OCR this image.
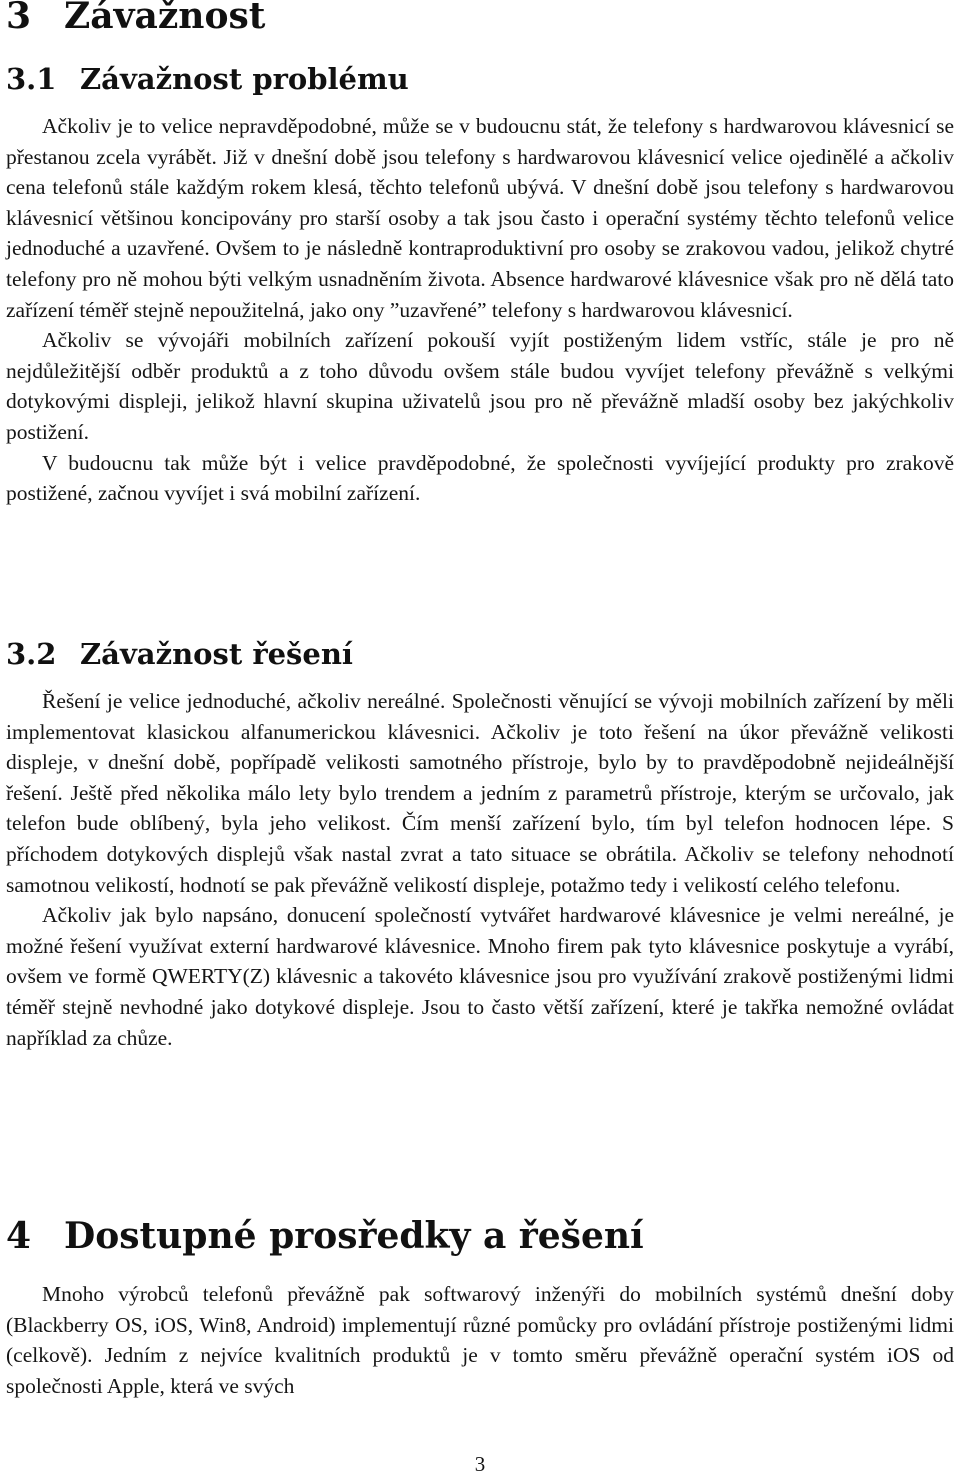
3 Závažnost
3.1 Závažnost problému

Ačkoliv je to velice nepravděpodobné, může se v budoucnu stát, že telefony s hardwarovou klávesnicí se přestanou zcela vyrábět. Již v dnešní době jsou telefony s hardwarovou klávesnicí velice ojedinělé a ačkoliv cena telefonů stále každým rokem klesá, těchto telefonů ubývá. V dnešní době jsou telefony s hardwarovou klávesnicí většinou koncipovány pro starší osoby a tak jsou často i operační systémy těchto telefonů velice jednoduché a uzavřené. Ovšem to je následně kontraproduktivní pro osoby se zrakovou vadou, jelikož chytré telefony pro ně mohou býti velkým usnadněním života. Absence hardwarové klávesnice však pro ně dělá tato zařízení téměř stejně nepoužitelná, jako ony ”uzavřené” telefony s hardwarovou klávesnicí.

Ačkoliv se vývojáři mobilních zařízení pokouší vyjít postiženým lidem vstříc, stále je pro ně nejdůležitější odběr produktů a z toho důvodu ovšem stále budou vyvíjet telefony převážně s velkými dotykovými displeji, jelikož hlavní skupina uživatelů jsou pro ně převážně mladší osoby bez jakýchkoliv postižení.

V budoucnu tak může být i velice pravděpodobné, že společnosti vyvíjející produkty pro zrakově postižené, začnou vyvíjet i svá mobilní zařízení.

3.2 Závažnost řešení

Řešení je velice jednoduché, ačkoliv nereálné. Společnosti věnující se vývoji mobilních zařízení by měli implementovat klasickou alfanumerickou klávesnici. Ačkoliv je toto řešení na úkor převážně velikosti displeje, v dnešní době, popřípadě velikosti samotného přístroje, bylo by to pravděpodobně nejideálnější řešení. Ještě před několika málo lety bylo trendem a jedním z parametrů přístroje, kterým se určovalo, jak telefon bude oblíbený, byla jeho velikost. Čím menší zařízení bylo, tím byl telefon hodnocen lépe. S příchodem dotykových displejů však nastal zvrat a tato situace se obrátila. Ačkoliv se telefony nehodnotí samotnou velikostí, hodnotí se pak převážně velikostí displeje, potažmo tedy i velikostí celého telefonu.

Ačkoliv jak bylo napsáno, donucení společností vytvářet hardwarové klávesnice je velmi nereálné, je možné řešení využívat externí hardwarové klávesnice. Mnoho firem pak tyto klávesnice poskytuje a vyrábí, ovšem ve formě QWERTY(Z) klávesnic a takovéto klávesnice jsou pro využívání zrakově postiženými lidmi téměř stejně nevhodné jako dotykové displeje. Jsou to často větší zařízení, které je takřka nemožné ovládat například za chůze.

4 Dostupné prosředky a řešení

Mnoho výrobců telefonů převážně pak softwarový inženýři do mobilních systémů dnešní doby (Blackberry OS, iOS, Win8, Android) implementují různé pomůcky pro ovládání přístroje postiženými lidmi (celkově). Jedním z nejvíce kvalitních produktů je v tomto směru převážně operační systém iOS od společnosti Apple, která ve svých

3
